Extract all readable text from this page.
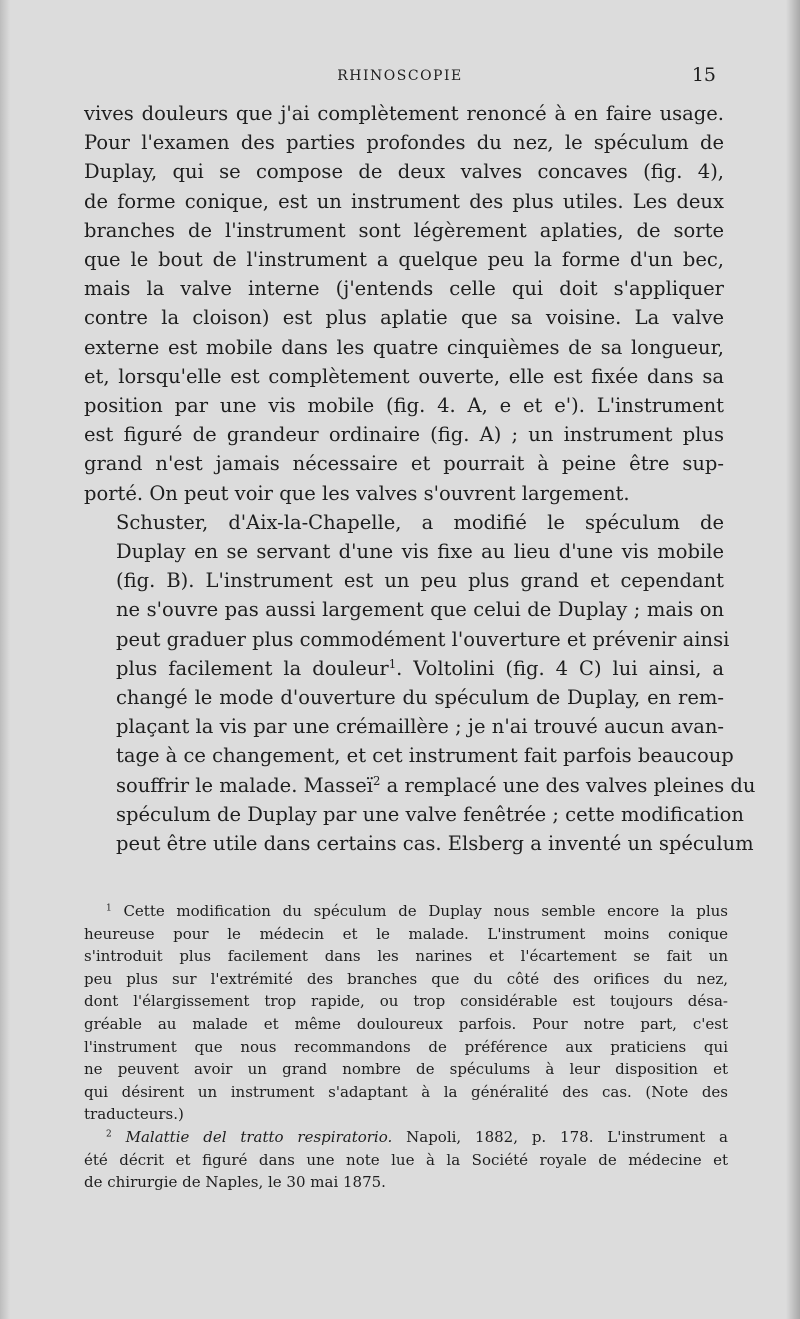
RHINOSCOPIE	15

vives douleurs que j'ai complètement renoncé à en faire usage.
Pour l'examen des parties profondes du nez, le spéculum de
Duplay, qui se compose de deux valves concaves (fig. 4),
de forme conique, est un instrument des plus utiles. Les deux
branches de l'instrument sont légèrement aplaties, de sorte
que le bout de l'instrument a quelque peu la forme d'un bec,
mais la valve interne (j'entends celle qui doit s'appliquer
contre la cloison) est plus aplatie que sa voisine. La valve
externe est mobile dans les quatre cinquièmes de sa longueur,
et, lorsqu'elle est complètement ouverte, elle est fixée dans sa
position par une vis mobile (fig. 4. A, e et e'). L'instrument
est figuré de grandeur ordinaire (fig. A) ; un instrument plus
grand n'est jamais nécessaire et pourrait à peine être sup-
porté. On peut voir que les valves s'ouvrent largement.

Schuster, d'Aix-la-Chapelle, a modifié le spéculum de
Duplay en se servant d'une vis fixe au lieu d'une vis mobile
(fig. B). L'instrument est un peu plus grand et cependant
ne s'ouvre pas aussi largement que celui de Duplay ; mais on
peut graduer plus commodément l'ouverture et prévenir ainsi
plus facilement la douleur$^1$. Voltolini (fig. 4 C) lui ainsi, a
changé le mode d'ouverture du spéculum de Duplay, en rem-
plaçant la vis par une crémaillère ; je n'ai trouvé aucun avan-
tage à ce changement, et cet instrument fait parfois beaucoup
souffrir le malade. Masseï$^2$ a remplacé une des valves pleines du
spéculum de Duplay par une valve fenêtrée ; cette modification
peut être utile dans certains cas. Elsberg a inventé un spéculum

$^1$ Cette modification du spéculum de Duplay nous semble encore la plus
heureuse pour le médecin et le malade. L'instrument moins conique
s'introduit plus facilement dans les narines et l'écartement se fait un
peu plus sur l'extrémité des branches que du côté des orifices du nez,
dont l'élargissement trop rapide, ou trop considérable est toujours désa-
gréable au malade et même douloureux parfois. Pour notre part, c'est
l'instrument que nous recommandons de préférence aux praticiens qui
ne peuvent avoir un grand nombre de spéculums à leur disposition et
qui désirent un instrument s'adaptant à la généralité des cas. (Note des
traducteurs.)
$^2$ Malattie del tratto respiratorio. Napoli, 1882, p. 178. L'instrument a
été décrit et figuré dans une note lue à la Société royale de médecine et
de chirurgie de Naples, le 30 mai 1875.
